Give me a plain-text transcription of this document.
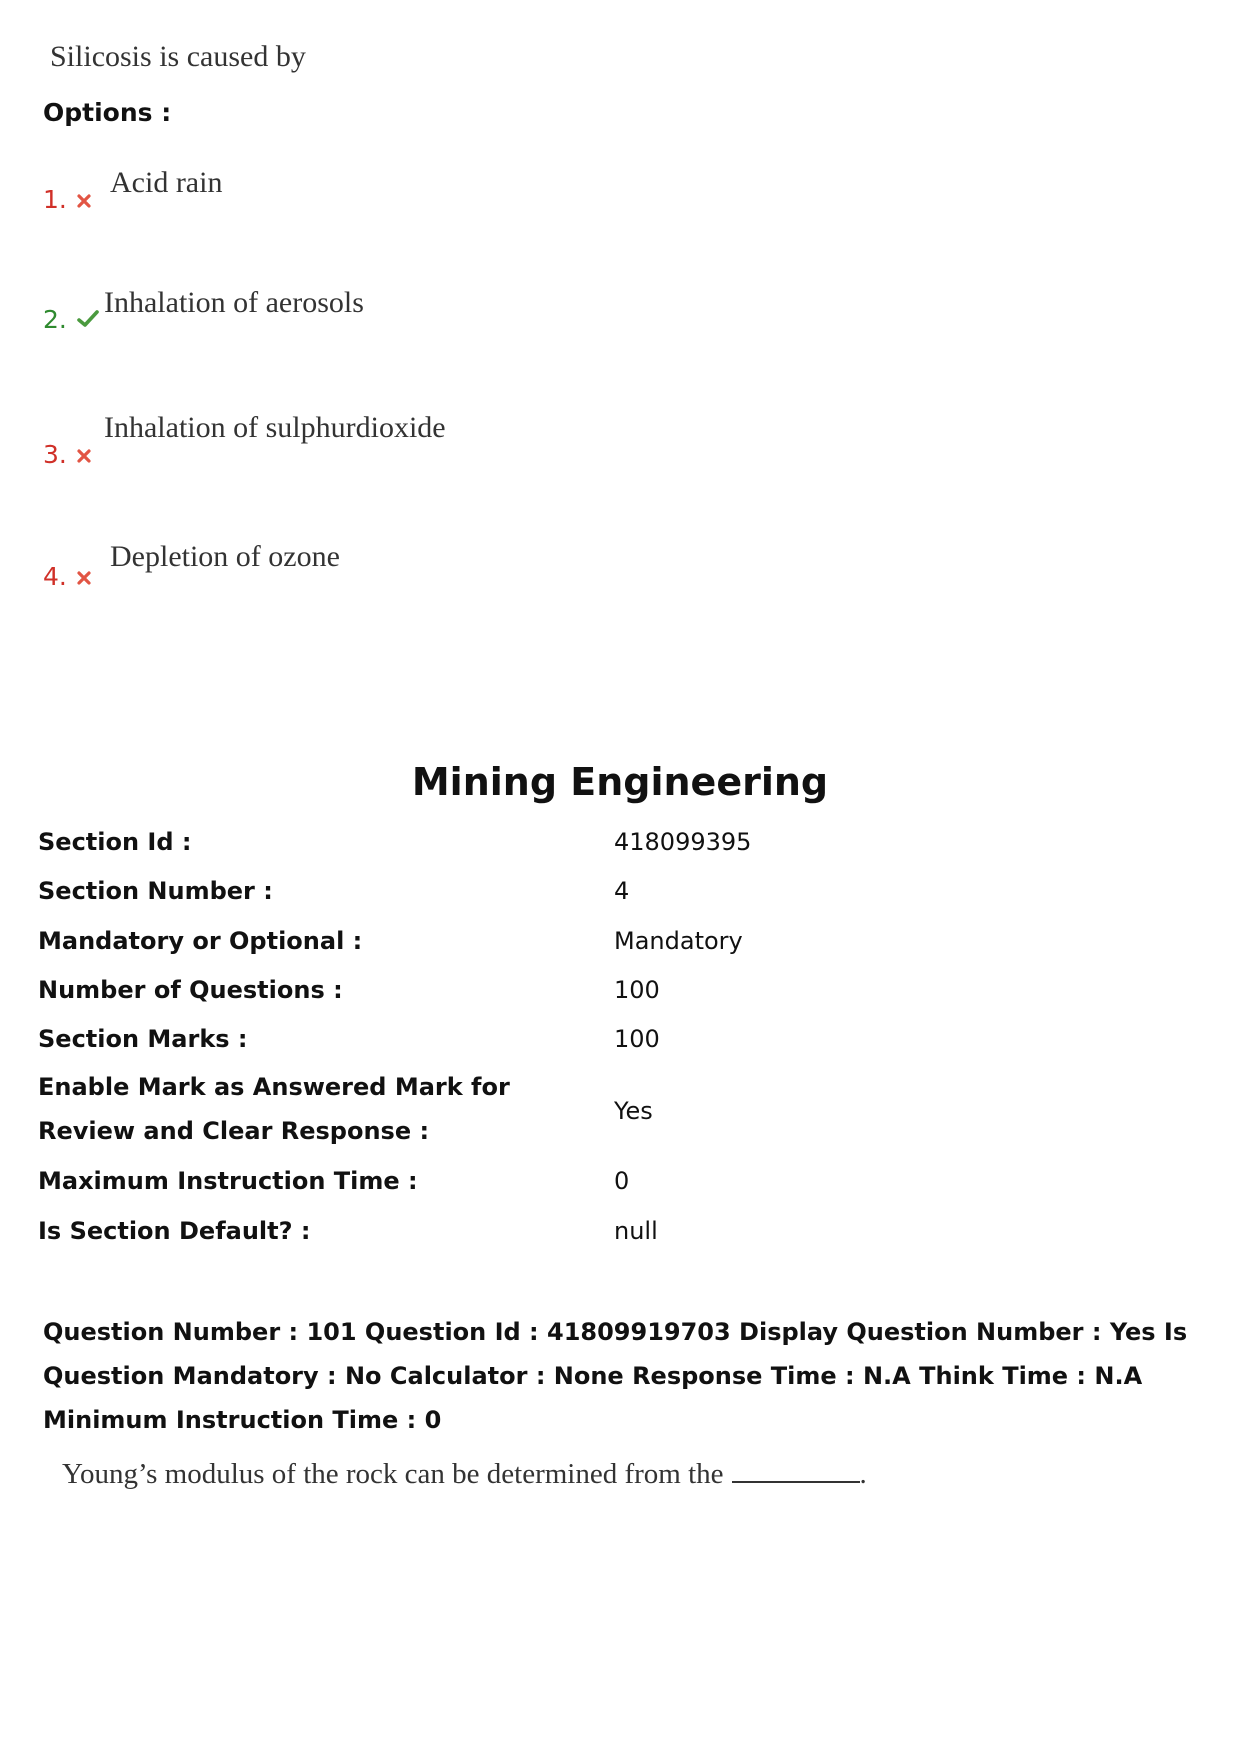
Silicosis is caused by
Options :
1.
Acid rain
2.
Inhalation of aerosols
3.
Inhalation of sulphurdioxide
4.
Depletion of ozone
Mining Engineering
Section Id :	418099395
Section Number :	4
Mandatory or Optional :	Mandatory
Number of Questions :	100
Section Marks :	100
Enable Mark as Answered Mark for Review and Clear Response :
Yes
Maximum Instruction Time :	0
Is Section Default? :	null
Question Number : 101 Question Id : 41809919703 Display Question Number : Yes Is Question Mandatory : No Calculator : None Response Time : N.A Think Time : N.A Minimum Instruction Time : 0
Young’s modulus of the rock can be determined from the	.
